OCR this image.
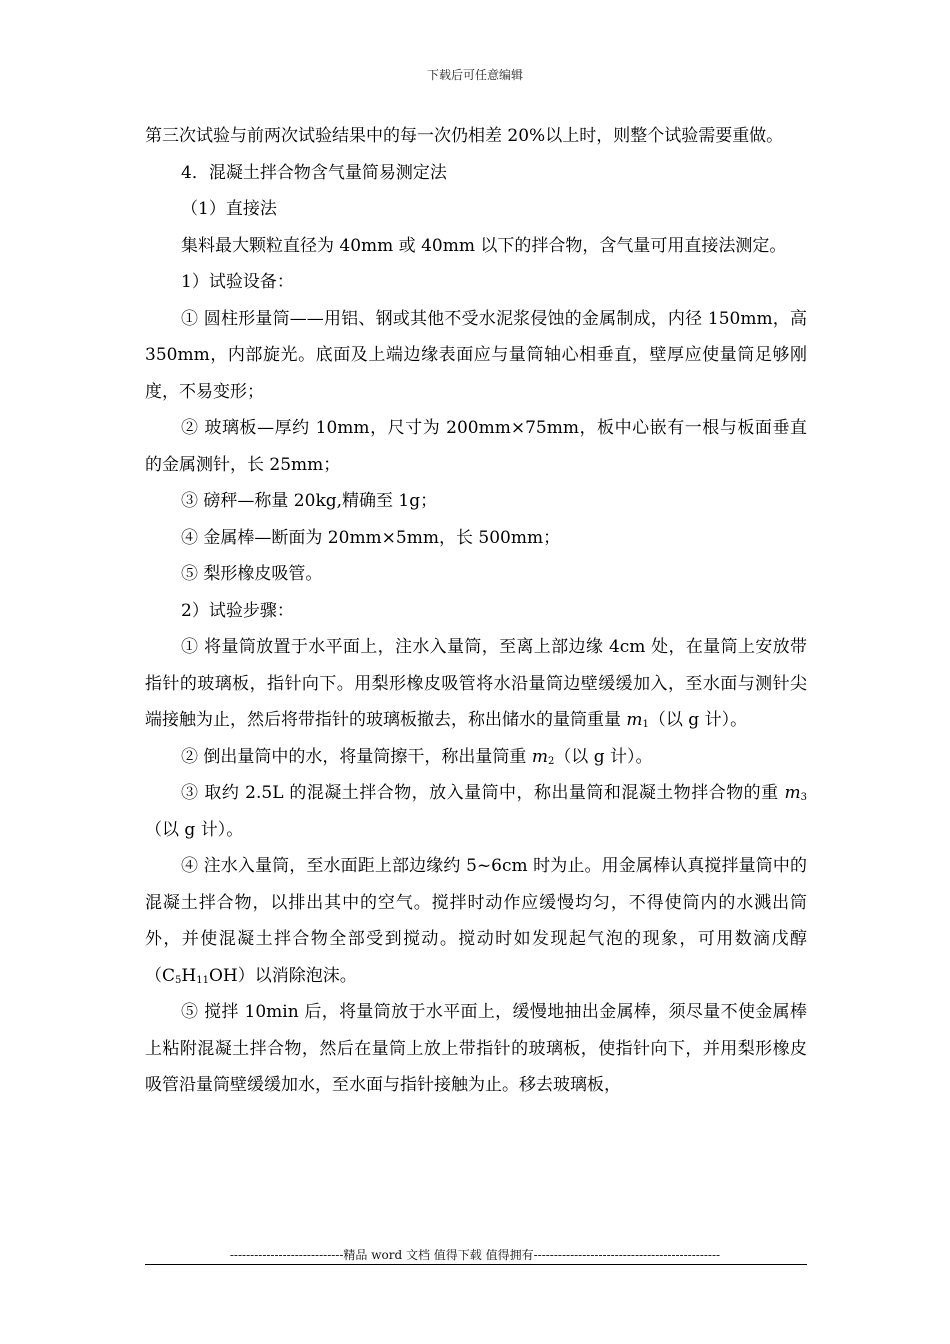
下载后可任意编辑

第三次试验与前两次试验结果中的每一次仍相差 20%以上时，则整个试验需要重做。

4．混凝土拌合物含气量简易测定法

（1）直接法

集料最大颗粒直径为 40mm 或 40mm 以下的拌合物，含气量可用直接法测定。

1）试验设备：

① 圆柱形量筒——用铝、钢或其他不受水泥浆侵蚀的金属制成，内径 150mm，高 350mm，内部旋光。底面及上端边缘表面应与量筒轴心相垂直，壁厚应使量筒足够刚度，不易变形；

② 玻璃板—厚约 10mm，尺寸为 200mm×75mm，板中心嵌有一根与板面垂直的金属测针，长 25mm；

③ 磅秤—称量 20kg,精确至 1g；

④ 金属棒—断面为 20mm×5mm，长 500mm；

⑤ 梨形橡皮吸管。

2）试验步骤：

① 将量筒放置于水平面上，注水入量筒，至离上部边缘 4cm 处，在量筒上安放带指针的玻璃板，指针向下。用梨形橡皮吸管将水沿量筒边壁缓缓加入，至水面与测针尖端接触为止，然后将带指针的玻璃板撤去，称出储水的量筒重量 $m_1$（以 g 计）。

② 倒出量筒中的水，将量筒擦干，称出量筒重 $m_2$（以 g 计）。

③ 取约 2.5L 的混凝土拌合物，放入量筒中，称出量筒和混凝土物拌合物的重 $m_3$（以 g 计）。

④ 注水入量筒，至水面距上部边缘约 5~6cm 时为止。用金属棒认真搅拌量筒中的混凝土拌合物，以排出其中的空气。搅拌时动作应缓慢均匀，不得使筒内的水溅出筒外，并使混凝土拌合物全部受到搅动。搅动时如发现起气泡的现象，可用数滴戊醇$(C_5H_{11}OH)$以消除泡沫。

⑤ 搅拌 10min 后，将量筒放于水平面上，缓慢地抽出金属棒，须尽量不使金属棒上粘附混凝土拌合物，然后在量筒上放上带指针的玻璃板，使指针向下，并用梨形橡皮吸管沿量筒壁缓缓加水，至水面与指针接触为止。移去玻璃板，

----------------------------精品 word 文档 值得下载 值得拥有----------------------------------------------
